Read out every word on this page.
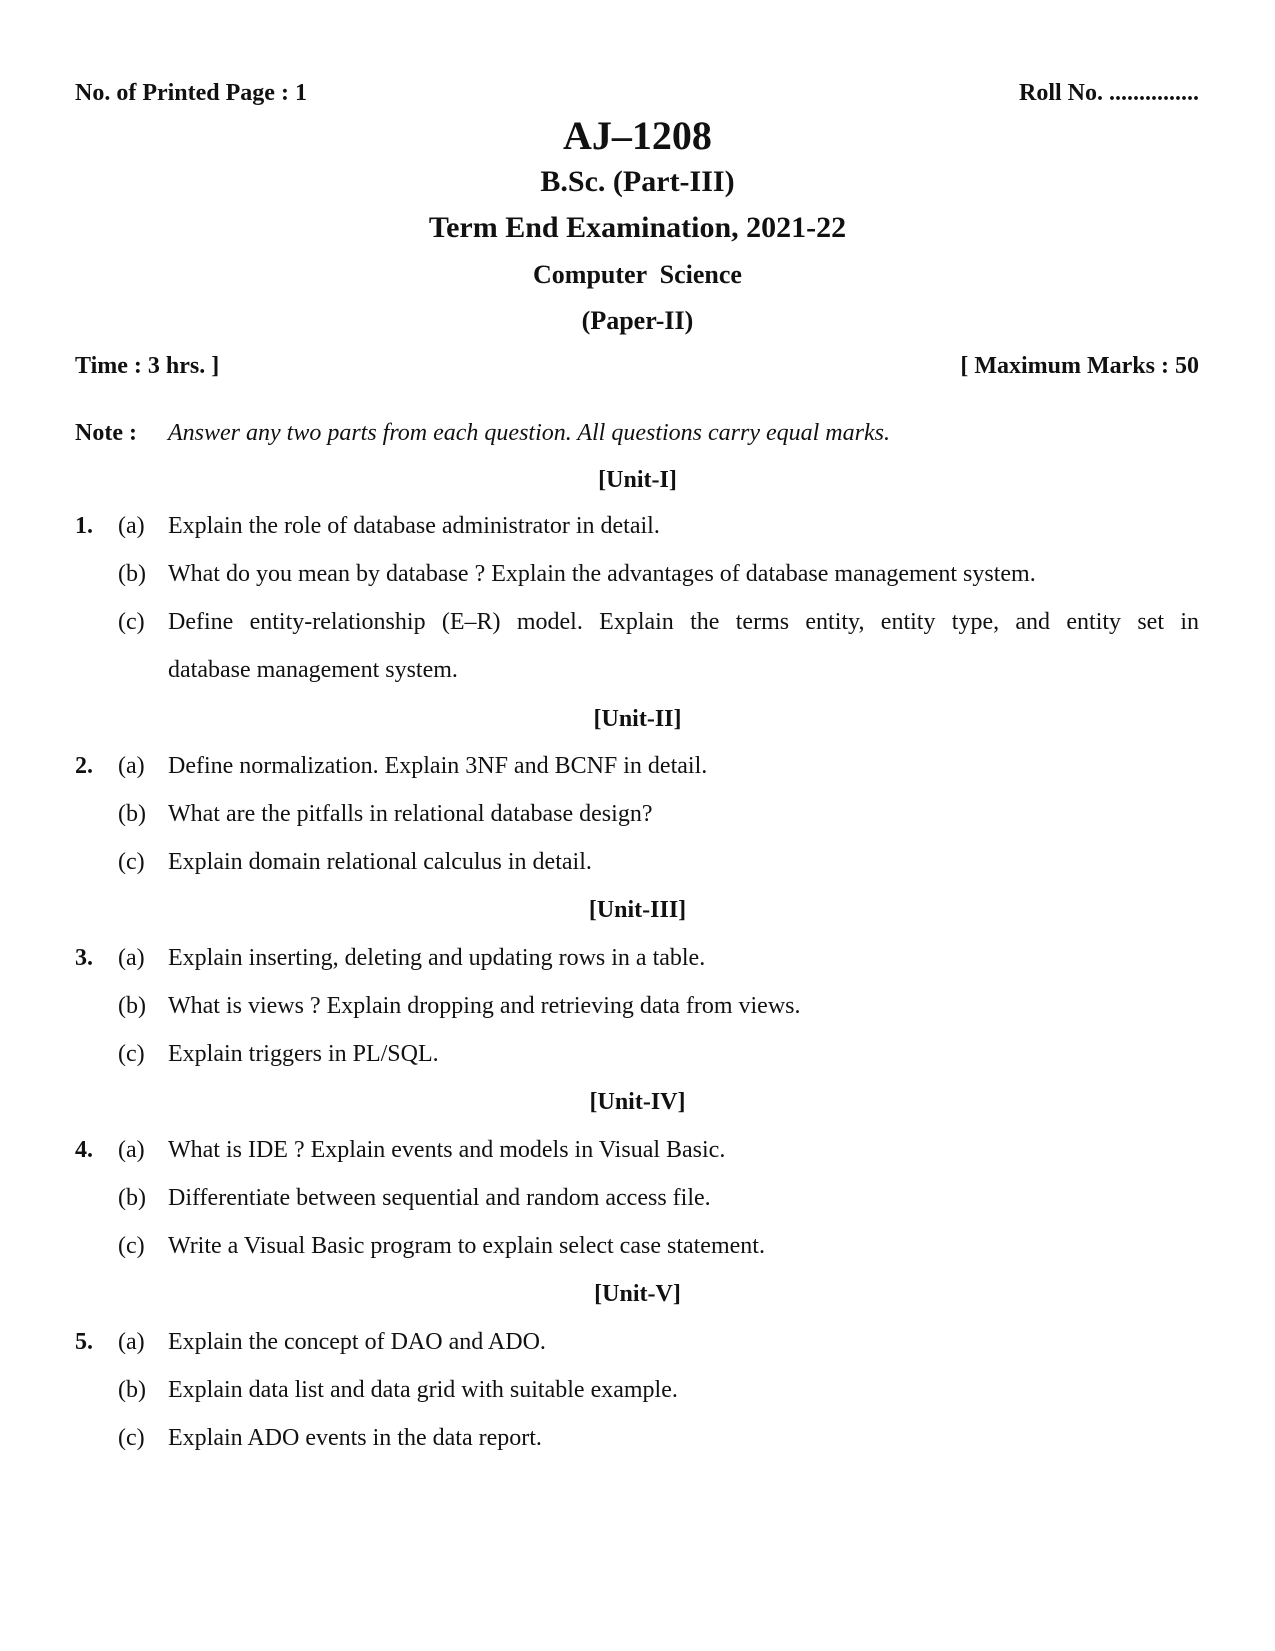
No. of Printed Page : 1	Roll No. ...............
AJ–1208
B.Sc. (Part-III)
Term End Examination, 2021-22
Computer  Science
(Paper-II)
Time : 3 hrs. ]	[ Maximum Marks : 50
Note : Answer any two parts from each question. All questions carry equal marks.
[Unit-I]
1. (a) Explain the role of database administrator in detail.
(b) What do you mean by database ? Explain the advantages of database management system.
(c) Define entity-relationship (E–R) model. Explain the terms entity, entity type, and entity set in
database management system.
[Unit-II]
2. (a) Define normalization. Explain 3NF and BCNF in detail.
(b) What are the pitfalls in relational database design?
(c) Explain domain relational calculus in detail.
[Unit-III]
3. (a) Explain inserting, deleting and updating rows in a table.
(b) What is views ? Explain dropping and retrieving data from views.
(c) Explain triggers in PL/SQL.
[Unit-IV]
4. (a) What is IDE ? Explain events and models in Visual Basic.
(b) Differentiate between sequential and random access file.
(c) Write a Visual Basic program to explain select case statement.
[Unit-V]
5. (a) Explain the concept of DAO and ADO.
(b) Explain data list and data grid with suitable example.
(c) Explain ADO events in the data report.
